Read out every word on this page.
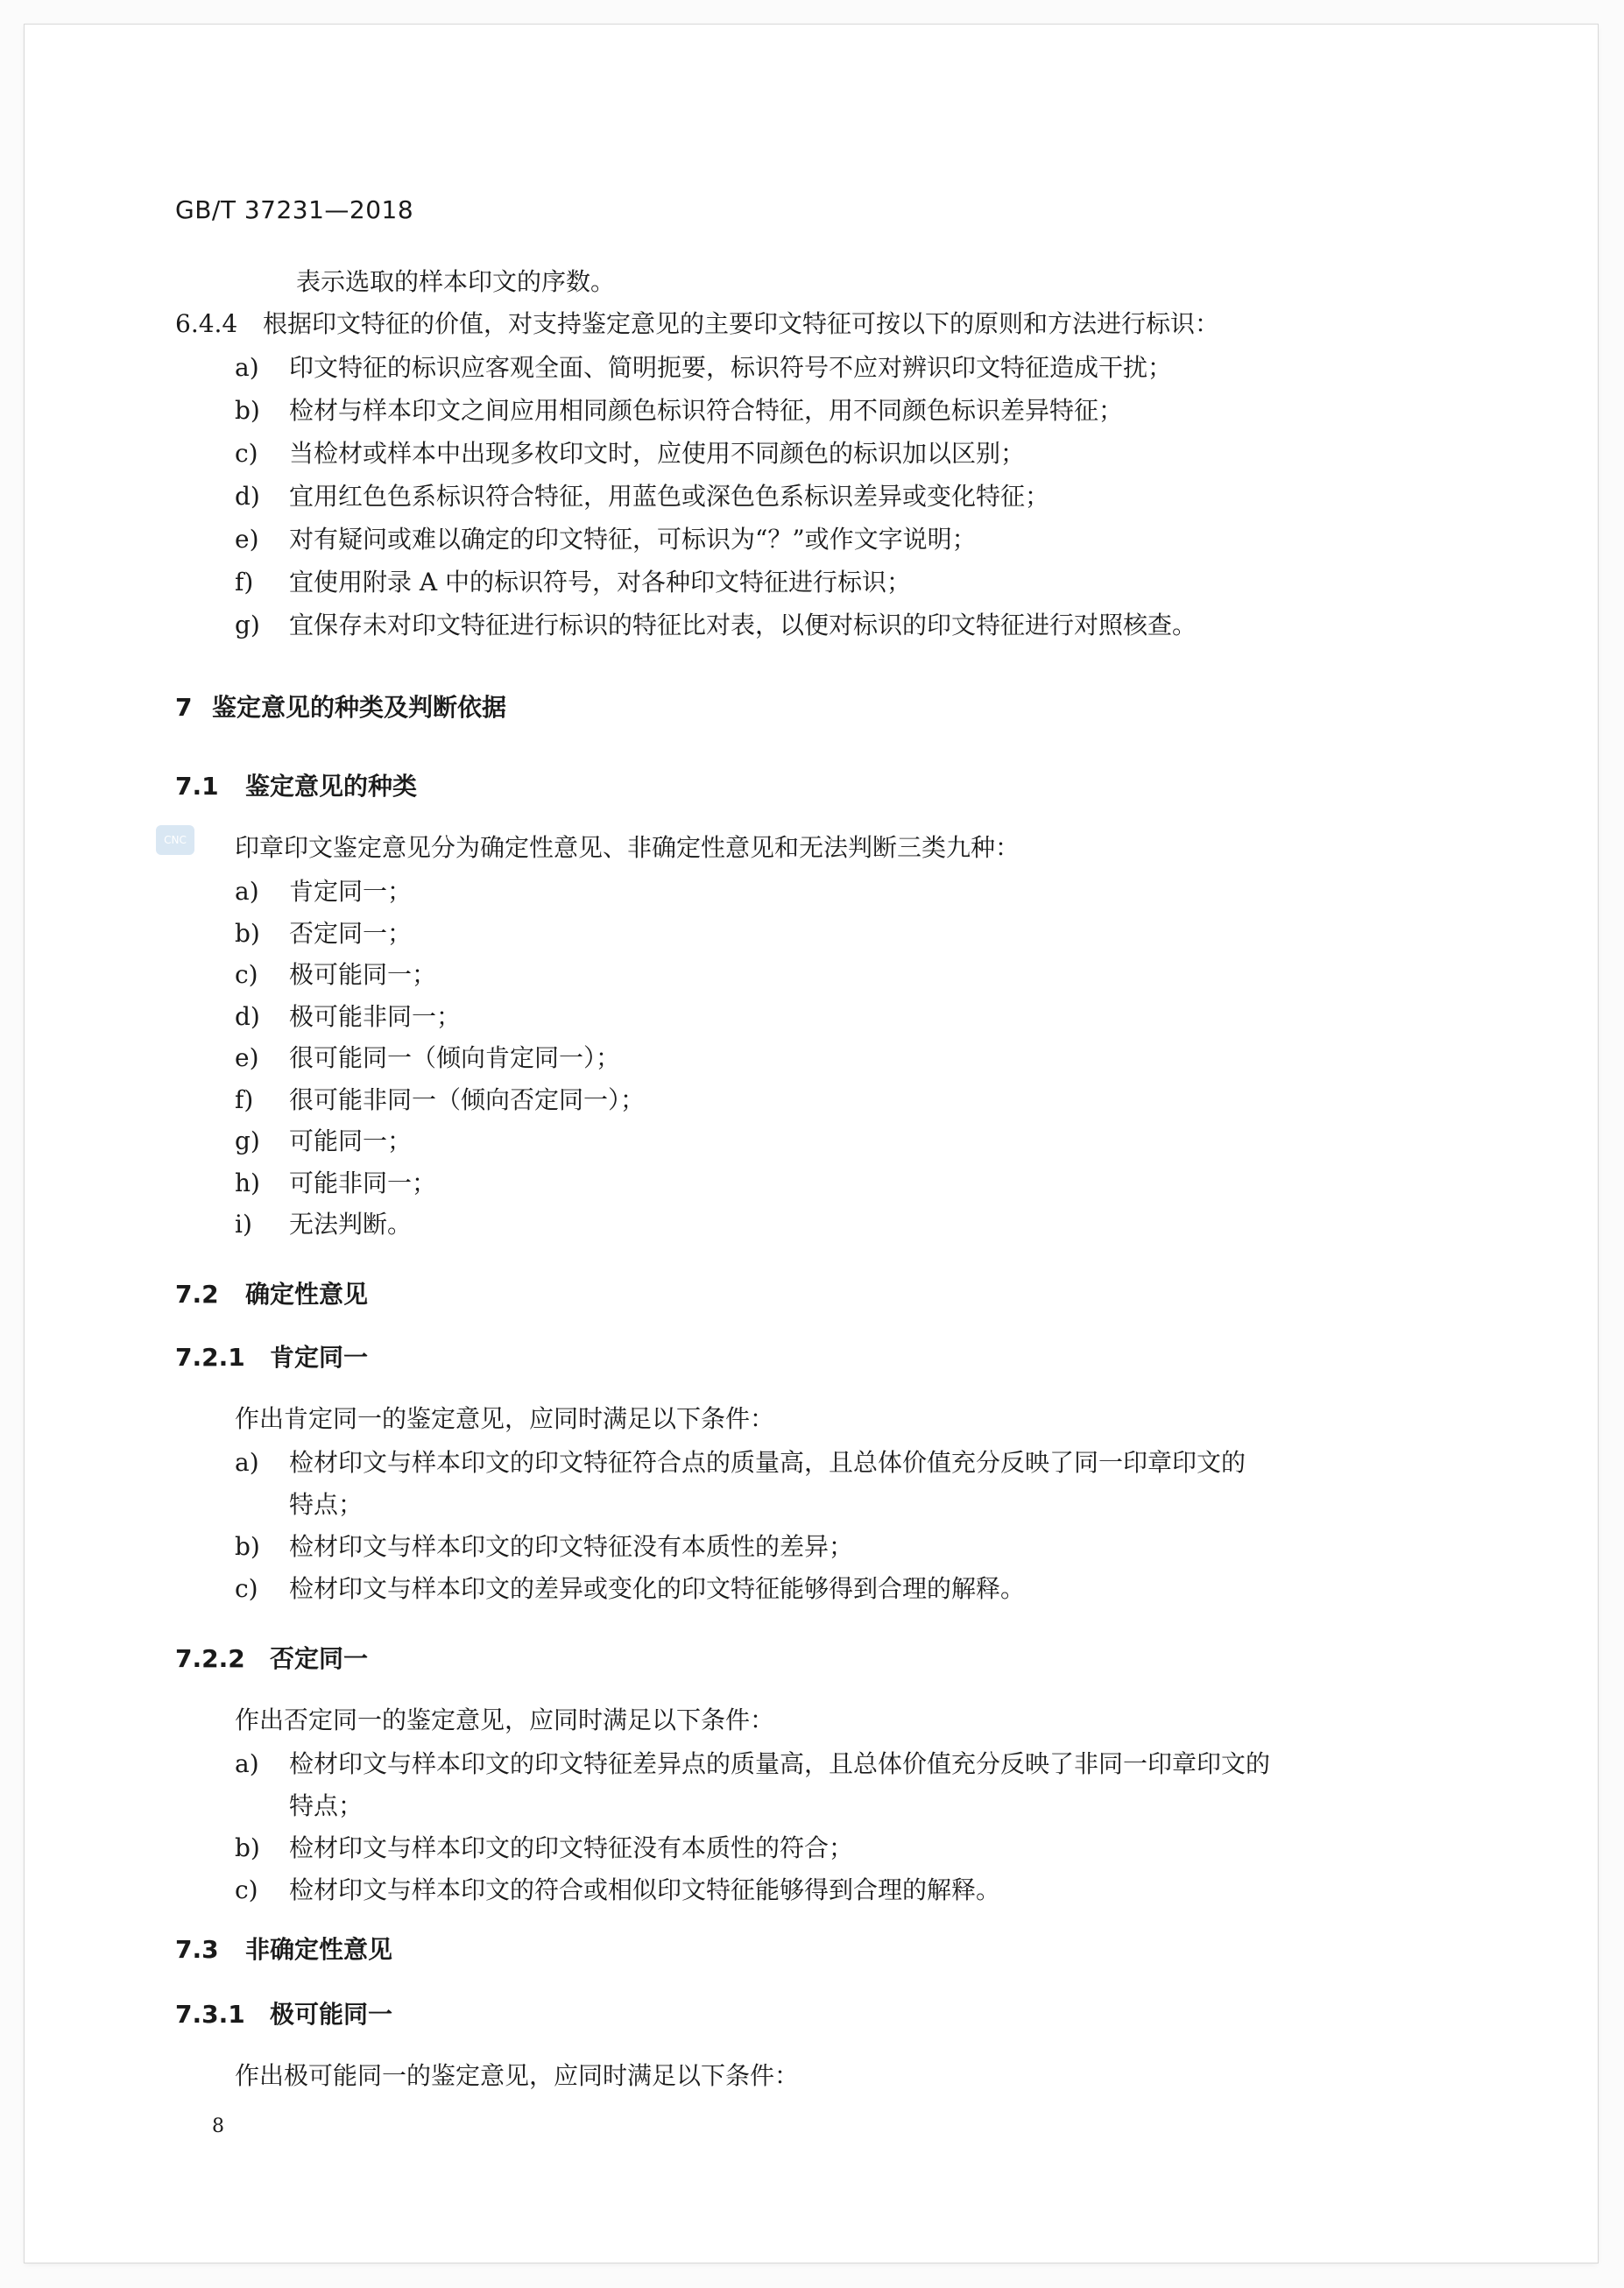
GB/T 37231—2018

表示选取的样本印文的序数。

6.4.4 根据印文特征的价值，对支持鉴定意见的主要印文特征可按以下的原则和方法进行标识：

a) 印文特征的标识应客观全面、简明扼要，标识符号不应对辨识印文特征造成干扰；

b) 检材与样本印文之间应用相同颜色标识符合特征，用不同颜色标识差异特征；

c) 当检材或样本中出现多枚印文时，应使用不同颜色的标识加以区别；

d) 宜用红色色系标识符合特征，用蓝色或深色色系标识差异或变化特征；

e) 对有疑问或难以确定的印文特征，可标识为“？”或作文字说明；

f) 宜使用附录 A 中的标识符号，对各种印文特征进行标识；

g) 宜保存未对印文特征进行标识的特征比对表，以便对标识的印文特征进行对照核查。

7 鉴定意见的种类及判断依据

7.1 鉴定意见的种类

CNC	印章印文鉴定意见分为确定性意见、非确定性意见和无法判断三类九种：

a) 肯定同一；

b) 否定同一；

c) 极可能同一；

d) 极可能非同一；

e) 很可能同一（倾向肯定同一）；

f) 很可能非同一（倾向否定同一）；

g) 可能同一；

h) 可能非同一；

i) 无法判断。

7.2 确定性意见

7.2.1 肯定同一

作出肯定同一的鉴定意见，应同时满足以下条件：

a) 检材印文与样本印文的印文特征符合点的质量高，且总体价值充分反映了同一印章印文的

特点；

b) 检材印文与样本印文的印文特征没有本质性的差异；

c) 检材印文与样本印文的差异或变化的印文特征能够得到合理的解释。

7.2.2 否定同一

作出否定同一的鉴定意见，应同时满足以下条件：

a) 检材印文与样本印文的印文特征差异点的质量高，且总体价值充分反映了非同一印章印文的

特点；

b) 检材印文与样本印文的印文特征没有本质性的符合；

c) 检材印文与样本印文的符合或相似印文特征能够得到合理的解释。

7.3 非确定性意见

7.3.1 极可能同一

作出极可能同一的鉴定意见，应同时满足以下条件：

8
